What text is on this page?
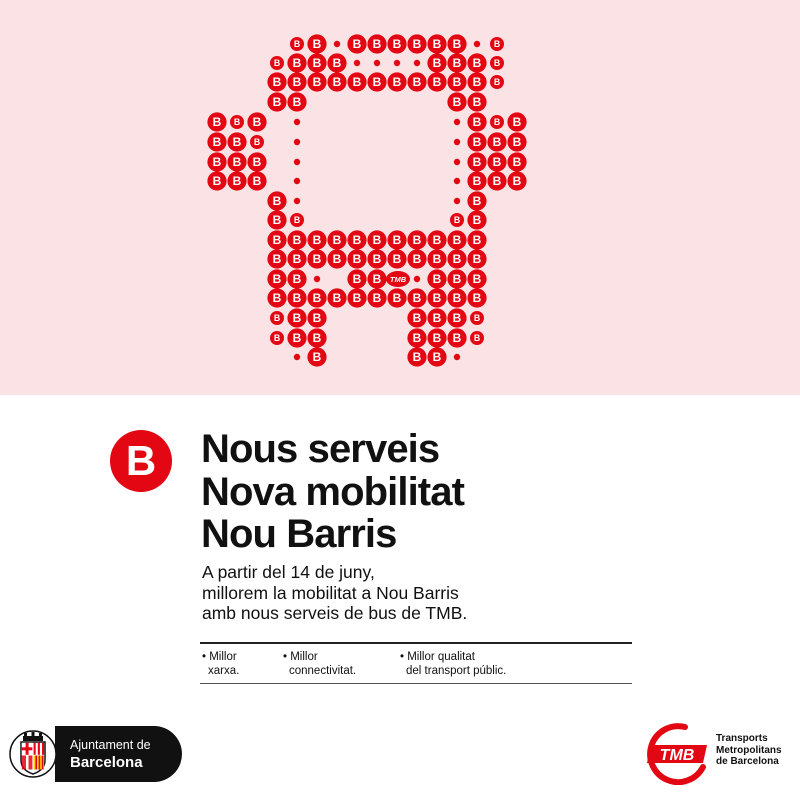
B B	B B B B B B	B
B B B B	B B B B
B B B B B B B B B B B B
B B	B B
B B B	B B B
B B B	B B B
B B B	B B B
B B B	B B B
B	B
B B	B B
B B B B B B B B B B B
B B B B B B B B B B B
B B	B B	B B B
B B B B B B B B B B B
B B B	B B B B
B B B	B B B B
B	B B
TMB
B Nous serveis
Nova mobilitat
Nou Barris
A partir del 14 de juny,
millorem la mobilitat a Nou Barris
amb nous serveis de bus de TMB.
• Millor
xarxa.
• Millor
connectivitat.
• Millor qualitat
del transport públic.
Ajuntament de
Barcelona	TMB
Transports
Metropolitans
de Barcelona
